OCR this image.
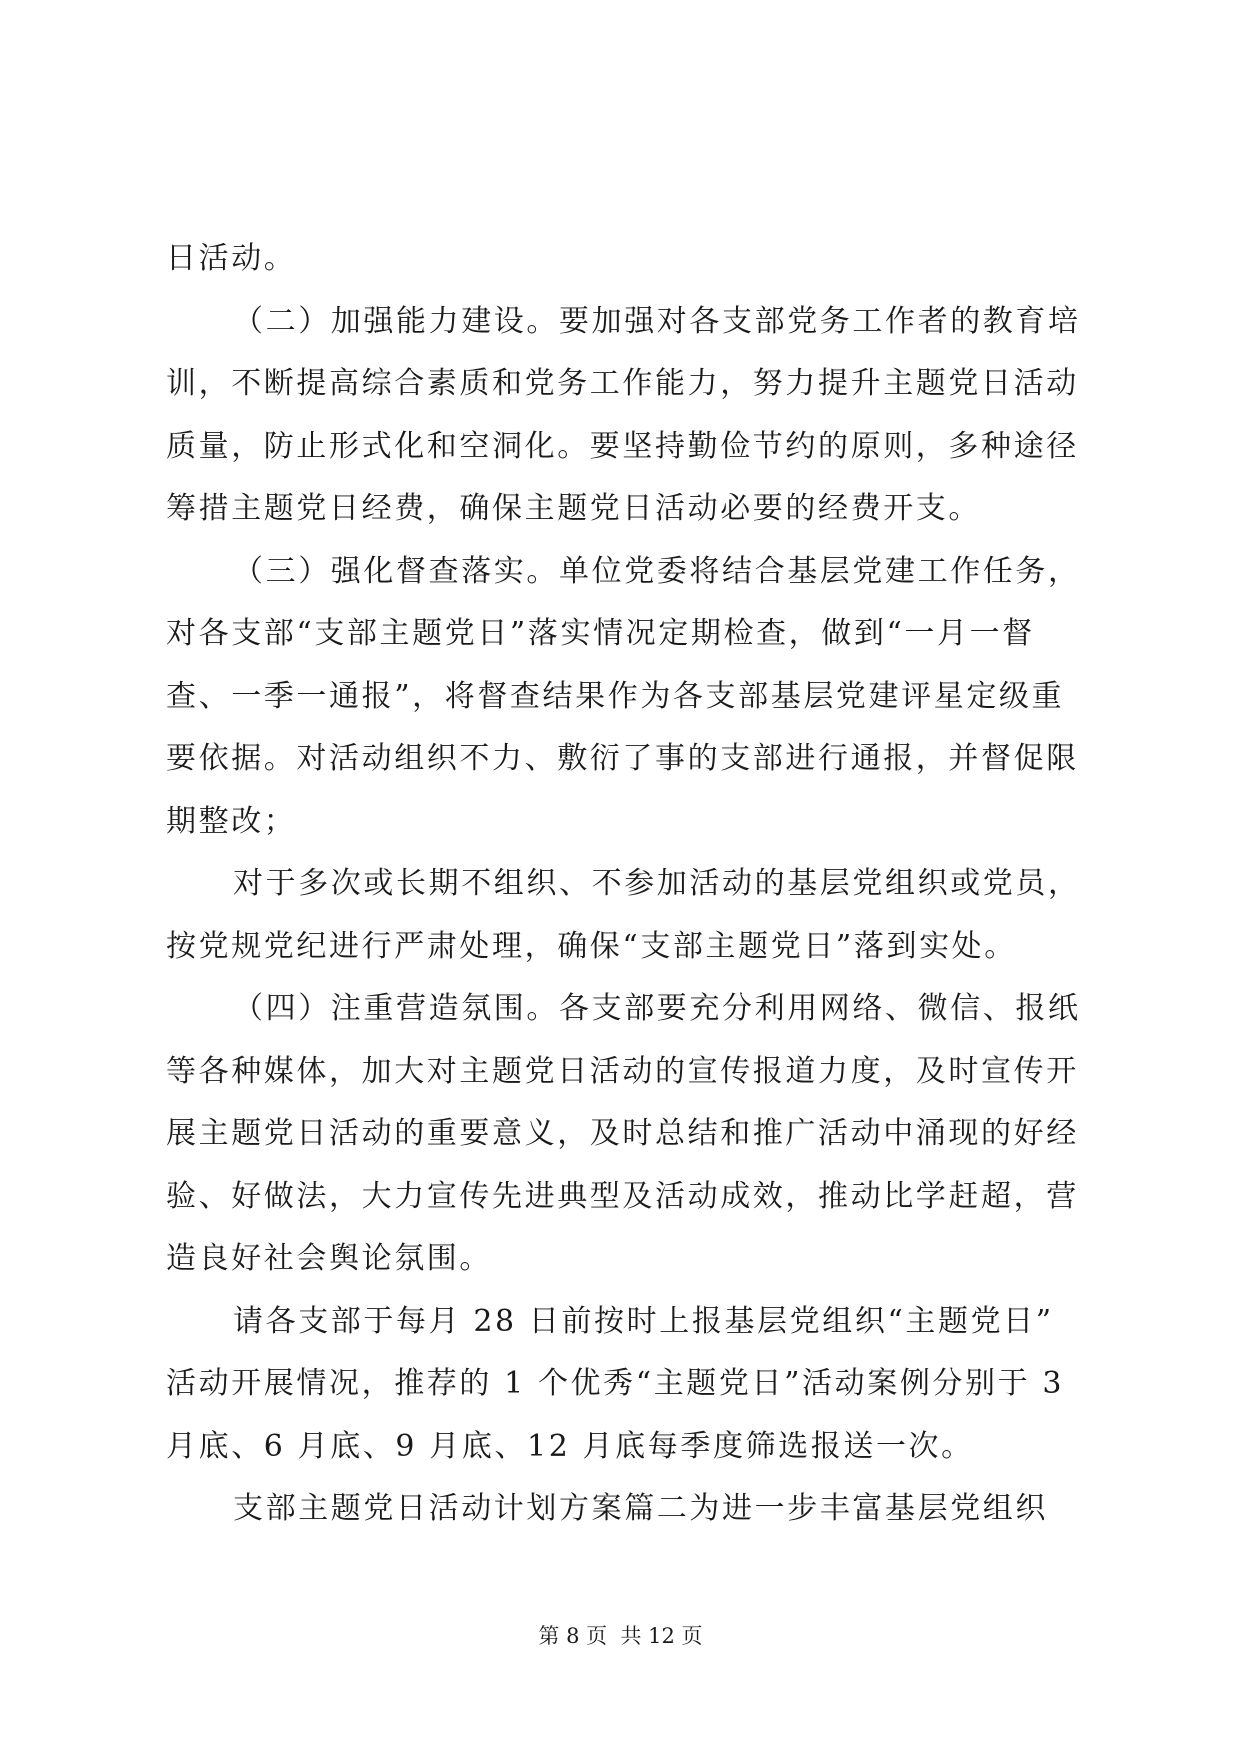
日活动。
（二）加强能力建设。要加强对各支部党务工作者的教育培
训，不断提高综合素质和党务工作能力，努力提升主题党日活动
质量，防止形式化和空洞化。要坚持勤俭节约的原则，多种途径
筹措主题党日经费，确保主题党日活动必要的经费开支。
（三）强化督查落实。单位党委将结合基层党建工作任务，
对各支部“支部主题党日”落实情况定期检查，做到“一月一督
查、一季一通报”，将督查结果作为各支部基层党建评星定级重
要依据。对活动组织不力、敷衍了事的支部进行通报，并督促限
期整改；
对于多次或长期不组织、不参加活动的基层党组织或党员，
按党规党纪进行严肃处理，确保“支部主题党日”落到实处。
（四）注重营造氛围。各支部要充分利用网络、微信、报纸
等各种媒体，加大对主题党日活动的宣传报道力度，及时宣传开
展主题党日活动的重要意义，及时总结和推广活动中涌现的好经
验、好做法，大力宣传先进典型及活动成效，推动比学赶超，营
造良好社会舆论氛围。
请各支部于每月 28 日前按时上报基层党组织“主题党日”
活动开展情况，推荐的 1 个优秀“主题党日”活动案例分别于 3
月底、6 月底、9 月底、12 月底每季度筛选报送一次。
支部主题党日活动计划方案篇二为进一步丰富基层党组织
第 8 页  共 12 页
